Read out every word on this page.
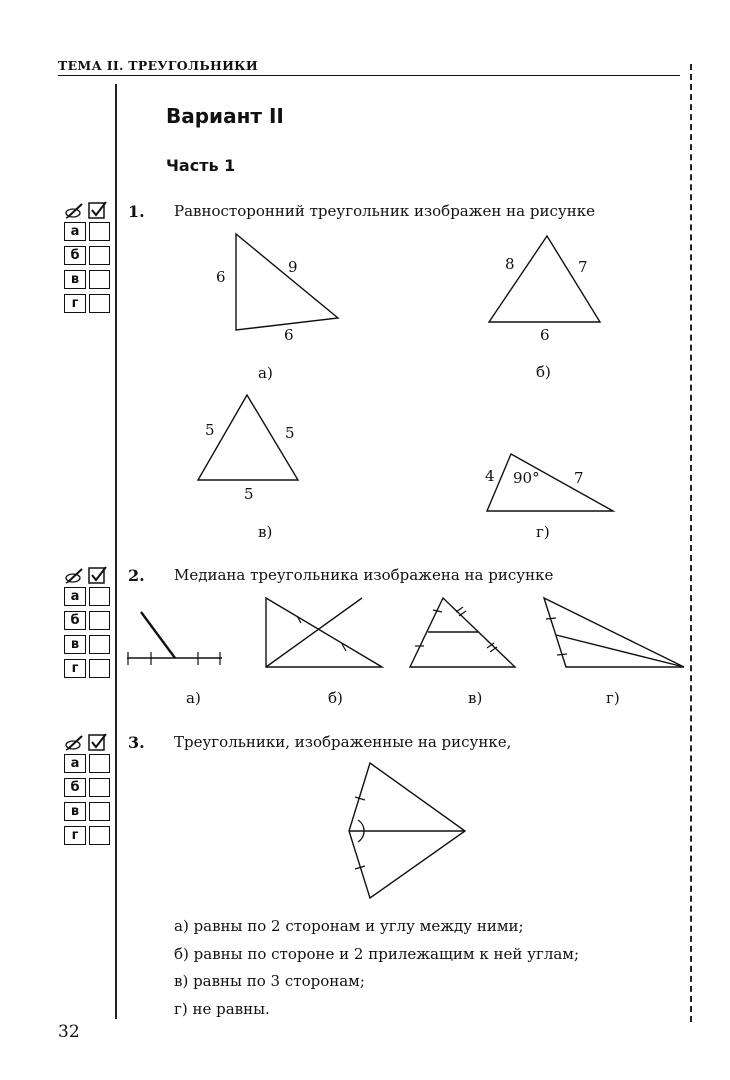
ТЕМА II. ТРЕУГОЛЬНИКИ
Вариант II
Часть 1
а
б
в
г
а
б
в
г
а
б
в
г
1. Равносторонний треугольник изображен на рисунке
6
9
6
а)
8	7
6
б)
5	5
5
в)
4 90° 7
г)
2. Медиана треугольника изображена на рисунке
а)	б)	в)	г)
3. Треугольники, изображенные на рисунке,
а) равны по 2 сторонам и углу между ними;
б) равны по стороне и 2 прилежащим к ней углам;
в) равны по 3 сторонам;
г) не равны.
32
